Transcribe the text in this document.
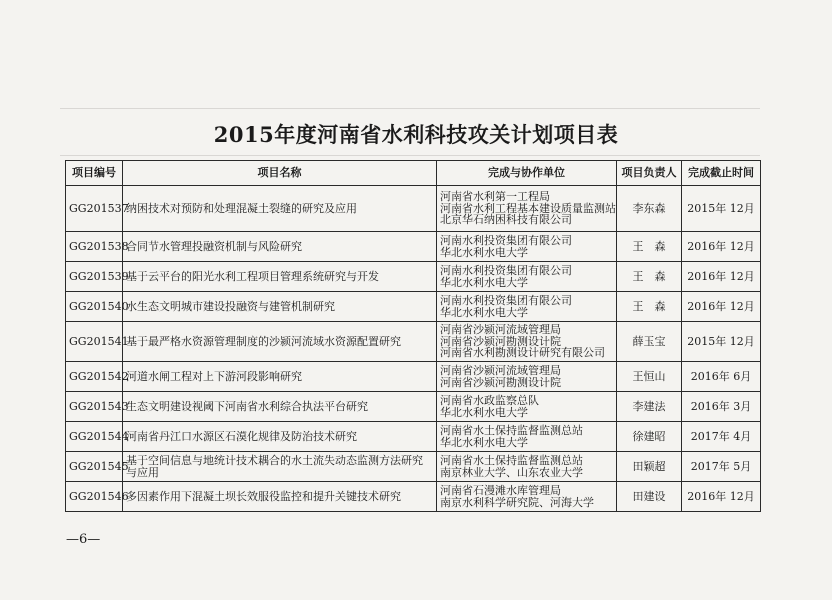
2015年度河南省水利科技攻关计划项目表
项目编号	项目名称	完成与协作单位	项目负责人	完成截止时间
GG201537	纳困技术对预防和处理混凝土裂缝的研究及应用	河南省水利第一工程局
河南省水利工程基本建设质量监测站
北京华石纳困科技有限公司	李东森	2015年 12月
GG201538	合同节水管理投融资机制与风险研究	河南水利投资集团有限公司
华北水利水电大学	王　森	2016年 12月
GG201539	基于云平台的阳光水利工程项目管理系统研究与开发	河南水利投资集团有限公司
华北水利水电大学	王　森	2016年 12月
GG201540	水生态文明城市建设投融资与建管机制研究	河南水利投资集团有限公司
华北水利水电大学	王　森	2016年 12月
GG201541	基于最严格水资源管理制度的沙颍河流域水资源配置研究	河南省沙颍河流域管理局
河南省沙颍河勘测设计院
河南省水利勘测设计研究有限公司	薛玉宝	2015年 12月
GG201542	河道水闸工程对上下游河段影响研究	河南省沙颍河流域管理局
河南省沙颍河勘测设计院	王恒山	2016年 6月
GG201543	生态文明建设视阈下河南省水利综合执法平台研究	河南省水政监察总队
华北水利水电大学	李建法	2016年 3月
GG201544	河南省丹江口水源区石漠化规律及防治技术研究	河南省水土保持监督监测总站
华北水利水电大学	徐建昭	2017年 4月
GG201545	基于空间信息与地统计技术耦合的水土流失动态监测方法研究与应用	河南省水土保持监督监测总站
南京林业大学、山东农业大学	田颖超	2017年 5月
GG201546	多因素作用下混凝土坝长效服役监控和提升关键技术研究	河南省石漫滩水库管理局
南京水利科学研究院、河海大学	田建设	2016年 12月
—6—
